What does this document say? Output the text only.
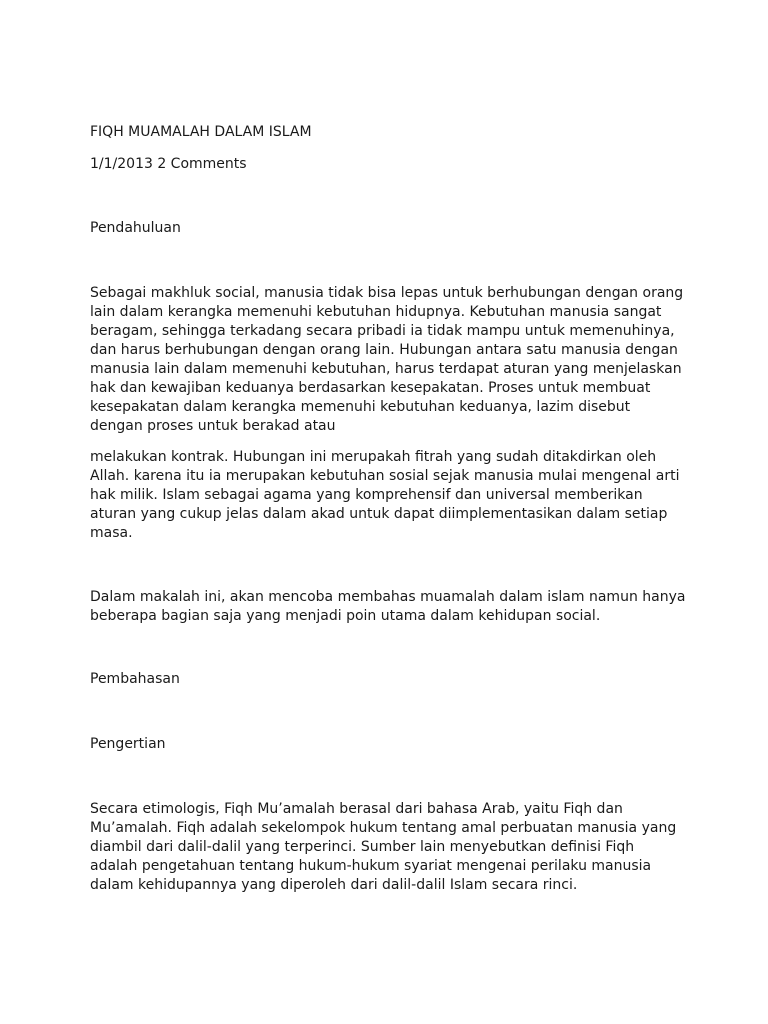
FIQH MUAMALAH DALAM ISLAM

1/1/2013 2 Comments

Pendahuluan

Sebagai makhluk social, manusia tidak bisa lepas untuk berhubungan dengan orang
lain dalam kerangka memenuhi kebutuhan hidupnya. Kebutuhan manusia sangat
beragam, sehingga terkadang secara pribadi ia tidak mampu untuk memenuhinya,
dan harus berhubungan dengan orang lain. Hubungan antara satu manusia dengan
manusia lain dalam memenuhi kebutuhan, harus terdapat aturan yang menjelaskan
hak dan kewajiban keduanya berdasarkan kesepakatan. Proses untuk membuat
kesepakatan dalam kerangka memenuhi kebutuhan keduanya, lazim disebut
dengan proses untuk berakad atau

melakukan kontrak. Hubungan ini merupakah fitrah yang sudah ditakdirkan oleh
Allah. karena itu ia merupakan kebutuhan sosial sejak manusia mulai mengenal arti
hak milik. Islam sebagai agama yang komprehensif dan universal memberikan
aturan yang cukup jelas dalam akad untuk dapat diimplementasikan dalam setiap
masa.

Dalam makalah ini, akan mencoba membahas muamalah dalam islam namun hanya
beberapa bagian saja yang menjadi poin utama dalam kehidupan social.

Pembahasan

Pengertian

Secara etimologis, Fiqh Mu’amalah berasal dari bahasa Arab, yaitu Fiqh dan
Mu’amalah. Fiqh adalah sekelompok hukum tentang amal perbuatan manusia yang
diambil dari dalil-dalil yang terperinci. Sumber lain menyebutkan definisi Fiqh
adalah pengetahuan tentang hukum-hukum syariat mengenai perilaku manusia
dalam kehidupannya yang diperoleh dari dalil-dalil Islam secara rinci.
